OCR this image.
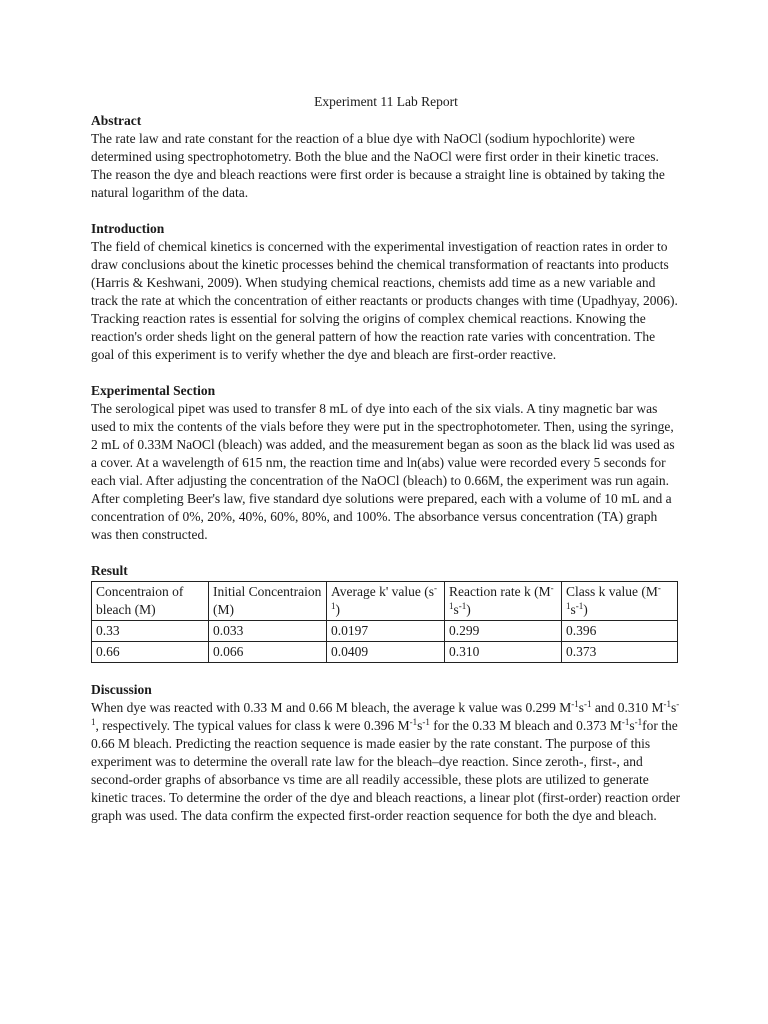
Experiment 11 Lab Report

Abstract

The rate law and rate constant for the reaction of a blue dye with NaOCl (sodium hypochlorite) were determined using spectrophotometry. Both the blue and the NaOCl were first order in their kinetic traces. The reason the dye and bleach reactions were first order is because a straight line is obtained by taking the natural logarithm of the data.

Introduction

The field of chemical kinetics is concerned with the experimental investigation of reaction rates in order to draw conclusions about the kinetic processes behind the chemical transformation of reactants into products (Harris & Keshwani, 2009). When studying chemical reactions, chemists add time as a new variable and track the rate at which the concentration of either reactants or products changes with time (Upadhyay, 2006). Tracking reaction rates is essential for solving the origins of complex chemical reactions. Knowing the reaction's order sheds light on the general pattern of how the reaction rate varies with concentration. The goal of this experiment is to verify whether the dye and bleach are first-order reactive.

Experimental Section

The serological pipet was used to transfer 8 mL of dye into each of the six vials. A tiny magnetic bar was used to mix the contents of the vials before they were put in the spectrophotometer. Then, using the syringe, 2 mL of 0.33M NaOCl (bleach) was added, and the measurement began as soon as the black lid was used as a cover. At a wavelength of 615 nm, the reaction time and ln(abs) value were recorded every 5 seconds for each vial. After adjusting the concentration of the NaOCl (bleach) to 0.66M, the experiment was run again. After completing Beer's law, five standard dye solutions were prepared, each with a volume of 10 mL and a concentration of 0%, 20%, 40%, 60%, 80%, and 100%. The absorbance versus concentration (TA) graph was then constructed.

Result

Concentraion of bleach (M)	Initial Concentraion (M)	Average k' value $(s^{-1})$	Reaction rate k $(M^{-1}s^{-1})$	Class k value $(M^{-1}s^{-1})$
0.33	0.033	0.0197	0.299	0.396
0.66	0.066	0.0409	0.310	0.373

Discussion

When dye was reacted with 0.33 M and 0.66 M bleach, the average k value was 0.299 $M^{-1}s^{-1}$ and 0.310 $M^{-1}s^{-1}$, respectively. The typical values for class k were 0.396 $M^{-1}s^{-1}$ for the 0.33 M bleach and 0.373 $M^{-1}s^{-1}for$ the 0.66 M bleach. Predicting the reaction sequence is made easier by the rate constant. The purpose of this experiment was to determine the overall rate law for the bleach–dye reaction. Since zeroth-, first-, and second-order graphs of absorbance vs time are all readily accessible, these plots are utilized to generate kinetic traces. To determine the order of the dye and bleach reactions, a linear plot (first-order) reaction order graph was used. The data confirm the expected first-order reaction sequence for both the dye and bleach.
